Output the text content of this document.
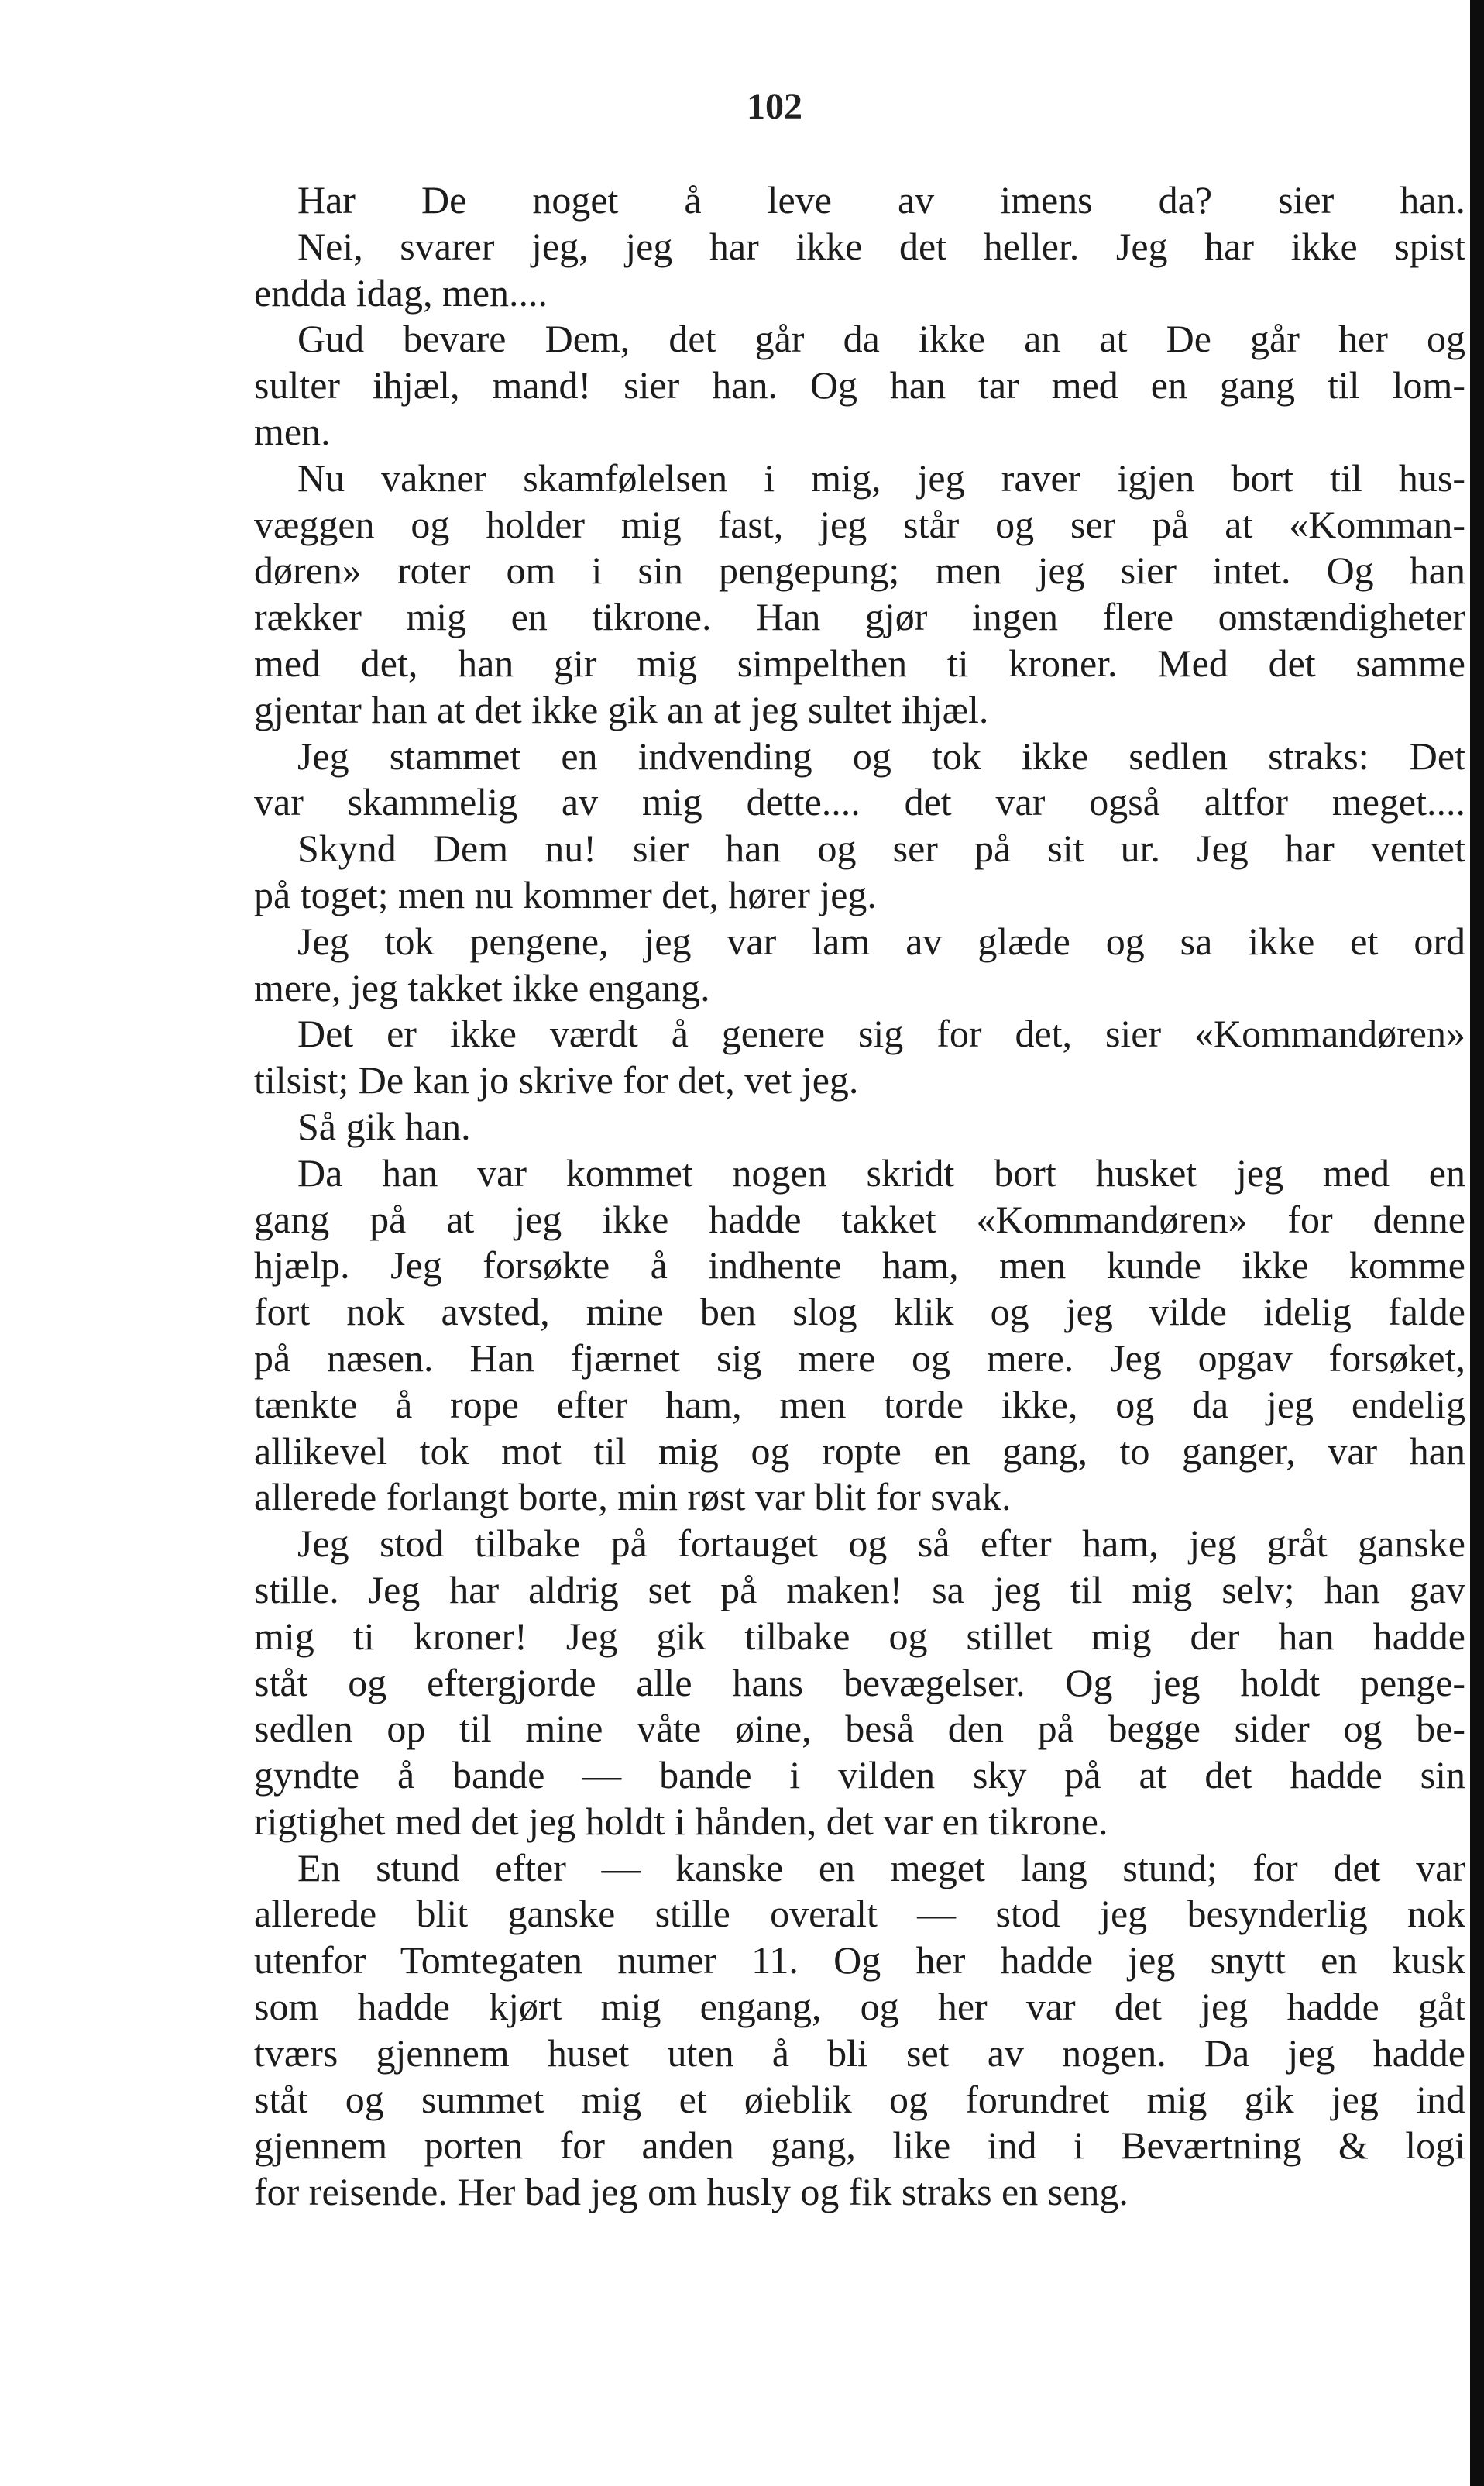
102
Har De noget å leve av imens da? sier han.
Nei, svarer jeg, jeg har ikke det heller. Jeg har ikke spist
endda idag, men....
Gud bevare Dem, det går da ikke an at De går her og
sulter ihjæl, mand! sier han. Og han tar med en gang til lom-
men.
Nu vakner skamfølelsen i mig, jeg raver igjen bort til hus-
væggen og holder mig fast, jeg står og ser på at «Komman-
døren» roter om i sin pengepung; men jeg sier intet. Og han
rækker mig en tikrone. Han gjør ingen flere omstændigheter
med det, han gir mig simpelthen ti kroner. Med det samme
gjentar han at det ikke gik an at jeg sultet ihjæl.
Jeg stammet en indvending og tok ikke sedlen straks: Det
var skammelig av mig dette.... det var også altfor meget....
Skynd Dem nu! sier han og ser på sit ur. Jeg har ventet
på toget; men nu kommer det, hører jeg.
Jeg tok pengene, jeg var lam av glæde og sa ikke et ord
mere, jeg takket ikke engang.
Det er ikke værdt å genere sig for det, sier «Kommandøren»
tilsist; De kan jo skrive for det, vet jeg.
Så gik han.
Da han var kommet nogen skridt bort husket jeg med en
gang på at jeg ikke hadde takket «Kommandøren» for denne
hjælp. Jeg forsøkte å indhente ham, men kunde ikke komme
fort nok avsted, mine ben slog klik og jeg vilde idelig falde
på næsen. Han fjærnet sig mere og mere. Jeg opgav forsøket,
tænkte å rope efter ham, men torde ikke, og da jeg endelig
allikevel tok mot til mig og ropte en gang, to ganger, var han
allerede forlangt borte, min røst var blit for svak.
Jeg stod tilbake på fortauget og så efter ham, jeg gråt ganske
stille. Jeg har aldrig set på maken! sa jeg til mig selv; han gav
mig ti kroner! Jeg gik tilbake og stillet mig der han hadde
ståt og eftergjorde alle hans bevægelser. Og jeg holdt penge-
sedlen op til mine våte øine, beså den på begge sider og be-
gyndte å bande — bande i vilden sky på at det hadde sin
rigtighet med det jeg holdt i hånden, det var en tikrone.
En stund efter — kanske en meget lang stund; for det var
allerede blit ganske stille overalt — stod jeg besynderlig nok
utenfor Tomtegaten numer 11. Og her hadde jeg snytt en kusk
som hadde kjørt mig engang, og her var det jeg hadde gåt
tværs gjennem huset uten å bli set av nogen. Da jeg hadde
ståt og summet mig et øieblik og forundret mig gik jeg ind
gjennem porten for anden gang, like ind i Beværtning & logi
for reisende. Her bad jeg om husly og fik straks en seng.
